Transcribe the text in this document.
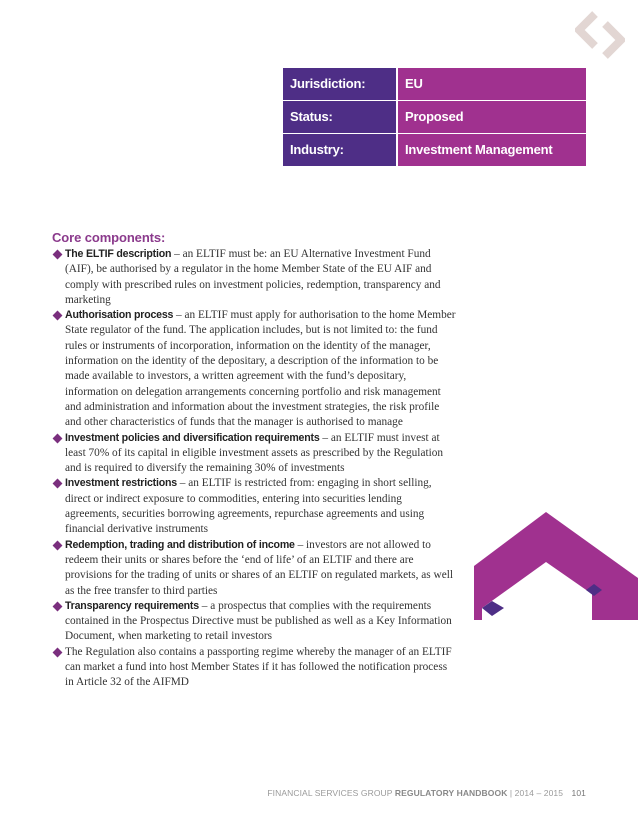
Jurisdiction:	EU
Status:	Proposed
Industry:	Investment Management
Core components:
The ELTIF description – an ELTIF must be: an EU Alternative Investment Fund (AIF), be authorised by a regulator in the home Member State of the EU AIF and comply with prescribed rules on investment policies, redemption, transparency and marketing
Authorisation process – an ELTIF must apply for authorisation to the home Member State regulator of the fund. The application includes, but is not limited to: the fund rules or instruments of incorporation, information on the identity of the manager, information on the identity of the depositary, a description of the information to be made available to investors, a written agreement with the fund’s depositary, information on delegation arrangements concerning portfolio and risk management and administration and information about the investment strategies, the risk profile and other characteristics of funds that the manager is authorised to manage
Investment policies and diversification requirements – an ELTIF must invest at least 70% of its capital in eligible investment assets as prescribed by the Regulation and is required to diversify the remaining 30% of investments
Investment restrictions – an ELTIF is restricted from: engaging in short selling, direct or indirect exposure to commodities, entering into securities lending agreements, securities borrowing agreements, repurchase agreements and using financial derivative instruments
Redemption, trading and distribution of income – investors are not allowed to redeem their units or shares before the ‘end of life’ of an ELTIF and there are provisions for the trading of units or shares of an ELTIF on regulated markets, as well as the free transfer to third parties
Transparency requirements – a prospectus that complies with the requirements contained in the Prospectus Directive must be published as well as a Key Information Document, when marketing to retail investors
The Regulation also contains a passporting regime whereby the manager of an ELTIF can market a fund into host Member States if it has followed the notification process in Article 32 of the AIFMD
FINANCIAL SERVICES GROUP REGULATORY HANDBOOK | 2014 – 2015 101
